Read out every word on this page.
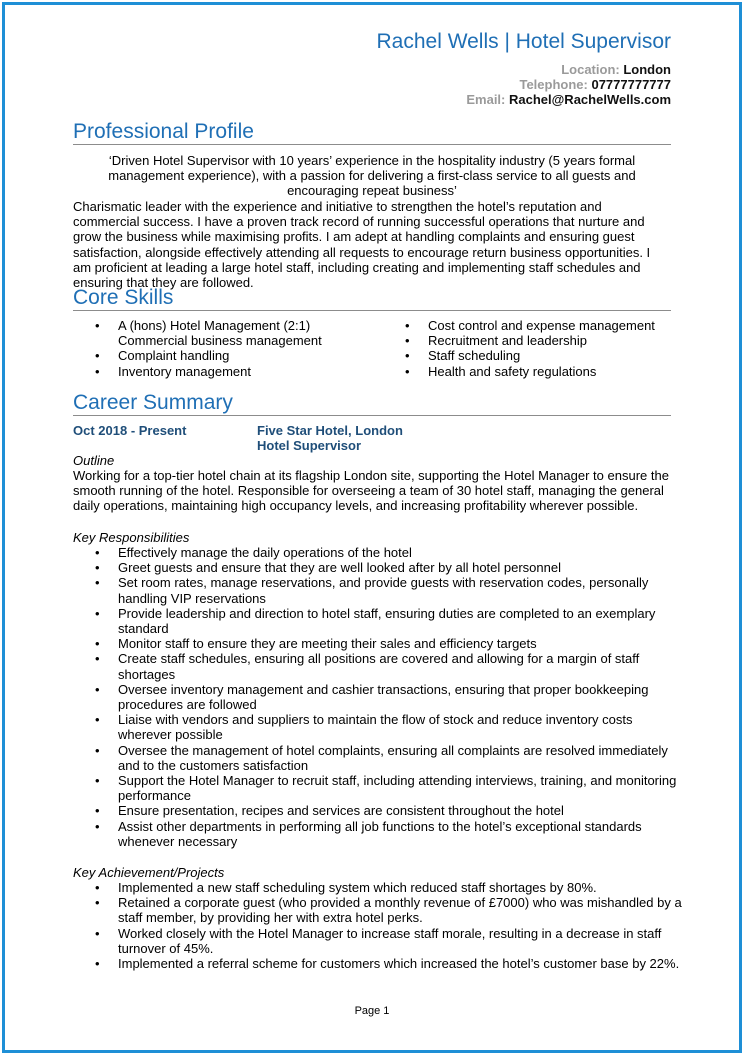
Rachel Wells | Hotel Supervisor
Location: London
Telephone: 07777777777
Email: Rachel@RachelWells.com
Professional Profile
‘Driven Hotel Supervisor with 10 years’ experience in the hospitality industry (5 years formal management experience), with a passion for delivering a first-class service to all guests and encouraging repeat business’
Charismatic leader with the experience and initiative to strengthen the hotel’s reputation and commercial success. I have a proven track record of running successful operations that nurture and grow the business while maximising profits. I am adept at handling complaints and ensuring guest satisfaction, alongside effectively attending all requests to encourage return business opportunities. I am proficient at leading a large hotel staff, including creating and implementing staff schedules and ensuring that they are followed.
Core Skills
• A (hons) Hotel Management (2:1)
Commercial business management
• Complaint handling
• Inventory management
• Cost control and expense management
• Recruitment and leadership
• Staff scheduling
• Health and safety regulations
Career Summary
Oct 2018 - Present	Five Star Hotel, London
Hotel Supervisor
Outline
Working for a top-tier hotel chain at its flagship London site, supporting the Hotel Manager to ensure the smooth running of the hotel. Responsible for overseeing a team of 30 hotel staff, managing the general daily operations, maintaining high occupancy levels, and increasing profitability wherever possible.
Key Responsibilities
• Effectively manage the daily operations of the hotel
• Greet guests and ensure that they are well looked after by all hotel personnel
• Set room rates, manage reservations, and provide guests with reservation codes, personally handling VIP reservations
• Provide leadership and direction to hotel staff, ensuring duties are completed to an exemplary standard
• Monitor staff to ensure they are meeting their sales and efficiency targets
• Create staff schedules, ensuring all positions are covered and allowing for a margin of staff shortages
• Oversee inventory management and cashier transactions, ensuring that proper bookkeeping procedures are followed
• Liaise with vendors and suppliers to maintain the flow of stock and reduce inventory costs wherever possible
• Oversee the management of hotel complaints, ensuring all complaints are resolved immediately and to the customers satisfaction
• Support the Hotel Manager to recruit staff, including attending interviews, training, and monitoring performance
• Ensure presentation, recipes and services are consistent throughout the hotel
• Assist other departments in performing all job functions to the hotel’s exceptional standards whenever necessary
Key Achievement/Projects
• Implemented a new staff scheduling system which reduced staff shortages by 80%.
• Retained a corporate guest (who provided a monthly revenue of £7000) who was mishandled by a staff member, by providing her with extra hotel perks.
• Worked closely with the Hotel Manager to increase staff morale, resulting in a decrease in staff turnover of 45%.
• Implemented a referral scheme for customers which increased the hotel’s customer base by 22%.
Page 1
